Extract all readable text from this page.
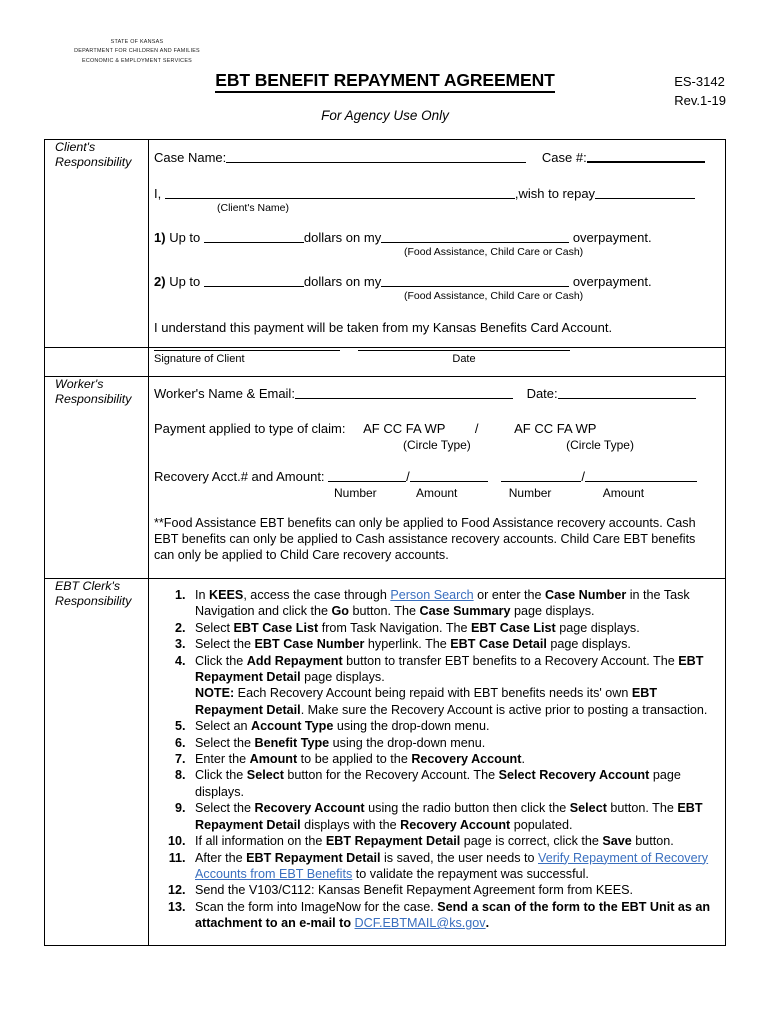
STATE OF KANSAS
DEPARTMENT FOR CHILDREN AND FAMILIES
ECONOMIC & EMPLOYMENT SERVICES
EBT BENEFIT REPAYMENT AGREEMENT	ES-3142
Rev.1-19
For Agency Use Only
Client's
Responsibility	Case Name:	Case #:
I,	,wish to repay
(Client's Name)
1) Up to	dollars on my	overpayment.
(Food Assistance, Child Care or Cash)
2) Up to	dollars on my	overpayment.
(Food Assistance, Child Care or Cash)
I understand this payment will be taken from my Kansas Benefits Card Account.

	Signature of Client Date

Worker's
Responsibility	Worker's Name & Email:	Date:
Payment applied to type of claim: AF CC FA WP /	AF CC FA WP
(Circle Type)	(Circle Type)
Recovery Acct.# and Amount:	/	/
Number	Amount	Number	Amount
**Food Assistance EBT benefits can only be applied to Food Assistance recovery accounts. Cash EBT benefits can only be applied to Cash assistance recovery accounts. Child Care EBT benefits can only be applied to Child Care recovery accounts.

EBT Clerk's
Responsibility

1.In KEES, access the case through Person Search or enter the Case Number in the Task Navigation and click the Go button. The Case Summary page displays.
2. Select EBT Case List from Task Navigation. The EBT Case List page displays.
3. Select the EBT Case Number hyperlink. The EBT Case Detail page displays.
4. Click the Add Repayment button to transfer EBT benefits to a Recovery Account. The EBT Repayment Detail page displays.
NOTE: Each Recovery Account being repaid with EBT benefits needs its' own EBT Repayment Detail. Make sure the Recovery Account is active prior to posting a transaction.
5. Select an Account Type using the drop-down menu.
6. Select the Benefit Type using the drop-down menu.
7. Enter the Amount to be applied to the Recovery Account.
8. Click the Select button for the Recovery Account. The Select Recovery Account page displays.
9. Select the Recovery Account using the radio button then click the Select button. The EBT Repayment Detail displays with the Recovery Account populated.
10. If all information on the EBT Repayment Detail page is correct, click the Save button.
11. After the EBT Repayment Detail is saved, the user needs to Verify Repayment of Recovery Accounts from EBT Benefits to validate the repayment was successful.
12. Send the V103/C112: Kansas Benefit Repayment Agreement form from KEES.
13. Scan the form into ImageNow for the case. Send a scan of the form to the EBT Unit as an attachment to an e-mail to DCF.EBTMAIL@ks.gov.
